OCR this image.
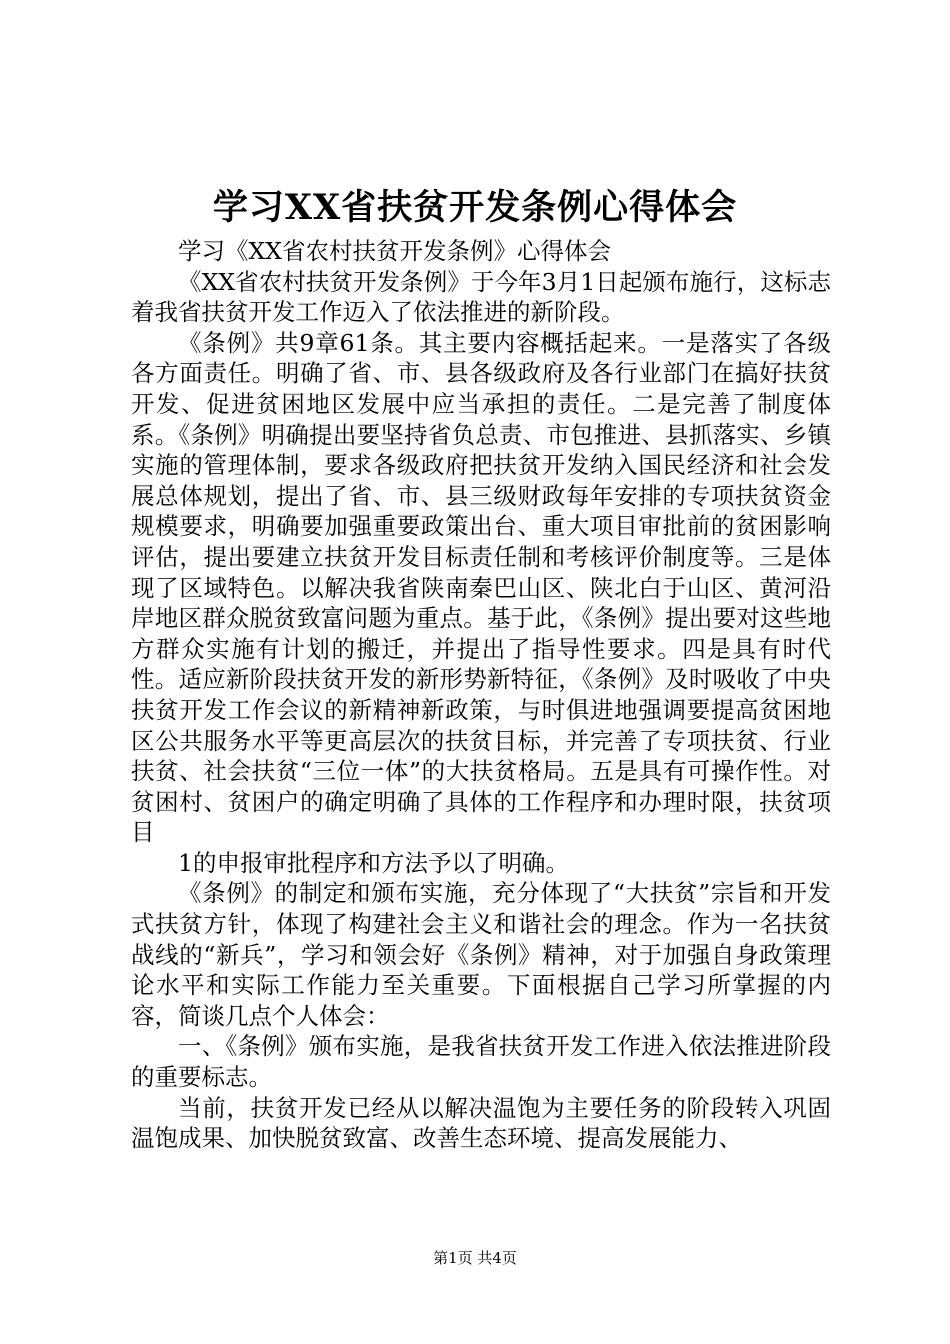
学习XX省扶贫开发条例心得体会

学习《XX省农村扶贫开发条例》心得体会

《XX省农村扶贫开发条例》于今年3月1日起颁布施行，这标志着我省扶贫开发工作迈入了依法推进的新阶段。

《条例》共9章61条。其主要内容概括起来。一是落实了各级各方面责任。明确了省、市、县各级政府及各行业部门在搞好扶贫开发、促进贫困地区发展中应当承担的责任。二是完善了制度体系。《条例》明确提出要坚持省负总责、市包推进、县抓落实、乡镇实施的管理体制，要求各级政府把扶贫开发纳入国民经济和社会发展总体规划，提出了省、市、县三级财政每年安排的专项扶贫资金规模要求，明确要加强重要政策出台、重大项目审批前的贫困影响评估，提出要建立扶贫开发目标责任制和考核评价制度等。三是体现了区域特色。以解决我省陕南秦巴山区、陕北白于山区、黄河沿岸地区群众脱贫致富问题为重点。基于此，《条例》提出要对这些地方群众实施有计划的搬迁，并提出了指导性要求。四是具有时代性。适应新阶段扶贫开发的新形势新特征，《条例》及时吸收了中央扶贫开发工作会议的新精神新政策，与时俱进地强调要提高贫困地区公共服务水平等更高层次的扶贫目标，并完善了专项扶贫、行业扶贫、社会扶贫“三位一体”的大扶贫格局。五是具有可操作性。对贫困村、贫困户的确定明确了具体的工作程序和办理时限，扶贫项目

1的申报审批程序和方法予以了明确。

《条例》的制定和颁布实施，充分体现了“大扶贫”宗旨和开发式扶贫方针，体现了构建社会主义和谐社会的理念。作为一名扶贫战线的“新兵”，学习和领会好《条例》精神，对于加强自身政策理论水平和实际工作能力至关重要。下面根据自己学习所掌握的内容，简谈几点个人体会：

一、《条例》颁布实施，是我省扶贫开发工作进入依法推进阶段的重要标志。

当前，扶贫开发已经从以解决温饱为主要任务的阶段转入巩固温饱成果、加快脱贫致富、改善生态环境、提高发展能力、

第1页 共4页
